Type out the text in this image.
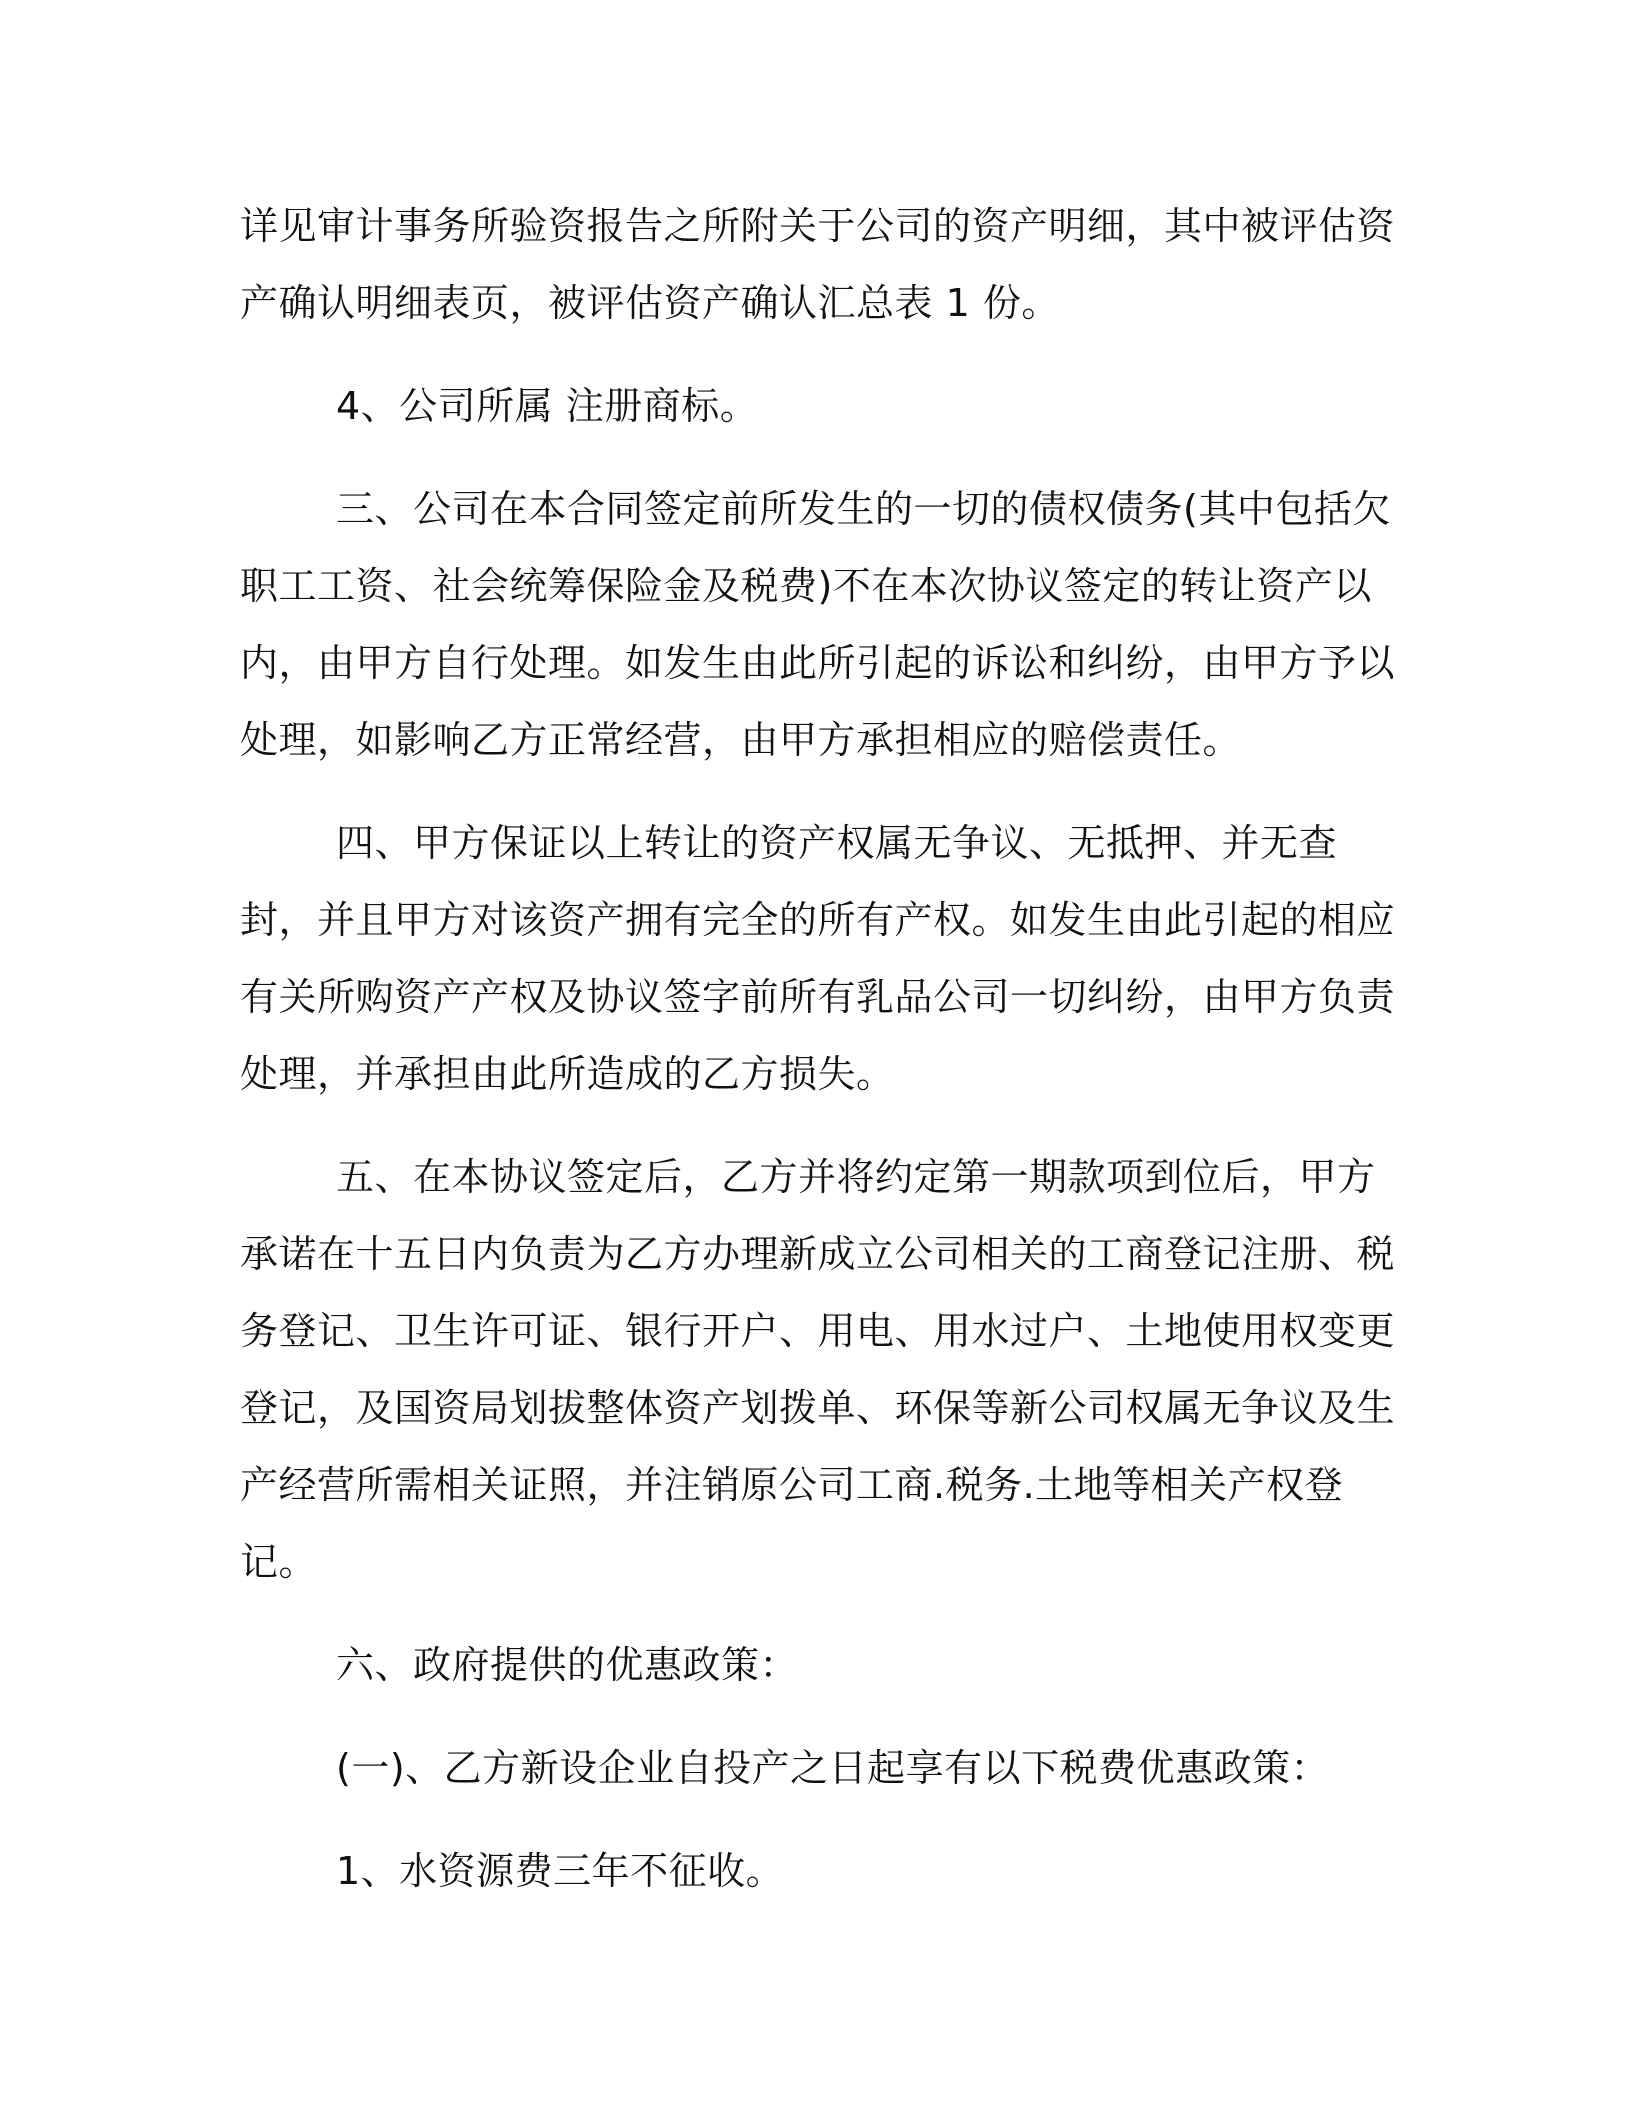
详见审计事务所验资报告之所附关于公司的资产明细，其中被评估资产确认明细表页，被评估资产确认汇总表 1 份。

4、公司所属 注册商标。

三、公司在本合同签定前所发生的一切的债权债务(其中包括欠职工工资、社会统筹保险金及税费)不在本次协议签定的转让资产以内，由甲方自行处理。如发生由此所引起的诉讼和纠纷，由甲方予以处理，如影响乙方正常经营，由甲方承担相应的赔偿责任。

四、甲方保证以上转让的资产权属无争议、无抵押、并无查封，并且甲方对该资产拥有完全的所有产权。如发生由此引起的相应有关所购资产产权及协议签字前所有乳品公司一切纠纷，由甲方负责处理，并承担由此所造成的乙方损失。

五、在本协议签定后，乙方并将约定第一期款项到位后，甲方承诺在十五日内负责为乙方办理新成立公司相关的工商登记注册、税务登记、卫生许可证、银行开户、用电、用水过户、土地使用权变更登记，及国资局划拔整体资产划拨单、环保等新公司权属无争议及生产经营所需相关证照，并注销原公司工商.税务.土地等相关产权登记。

六、政府提供的优惠政策：

(一)、乙方新设企业自投产之日起享有以下税费优惠政策：

1、水资源费三年不征收。
